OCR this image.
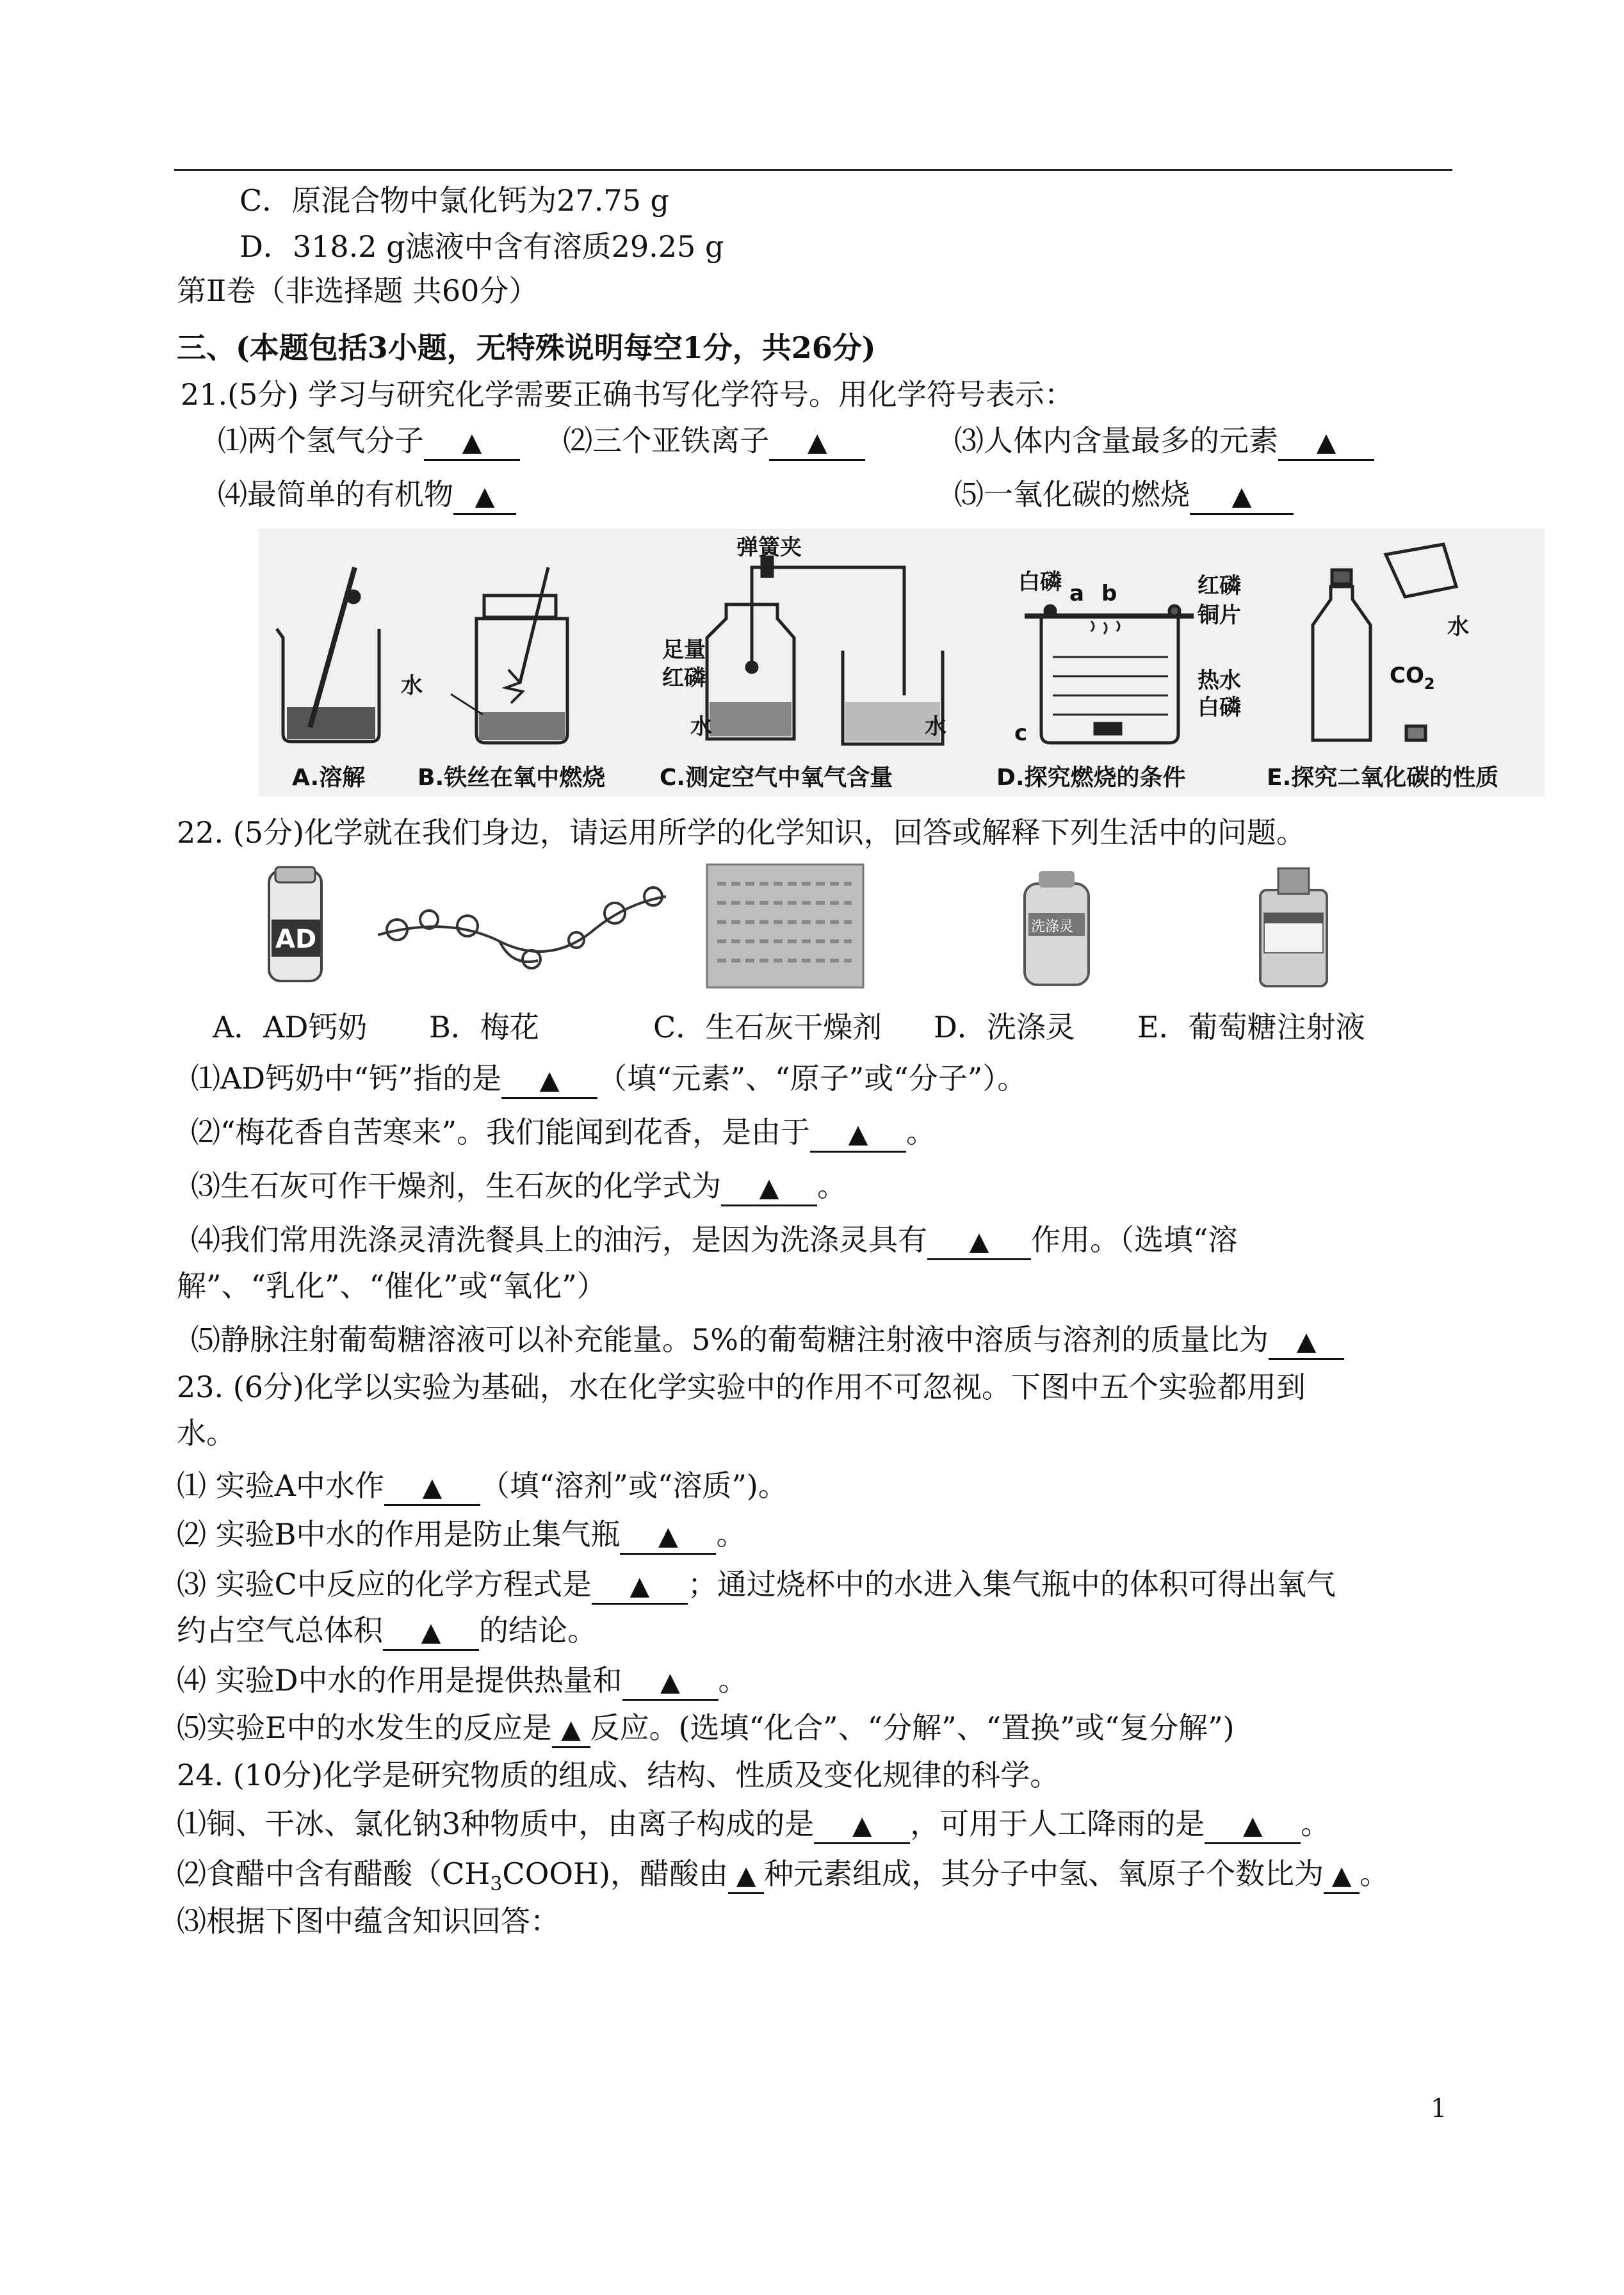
C．原混合物中氯化钙为27.75 g
D．318.2 g滤液中含有溶质29.25 g
第Ⅱ卷（非选择题 共60分）
三、(本题包括3小题，无特殊说明每空1分，共26分)
21.(5分) 学习与研究化学需要正确书写化学符号。用化学符号表示：
⑴两个氢气分子 ▲	⑵三个亚铁离子 ▲	⑶人体内含量最多的元素 ▲
⑷最简单的有机物 ▲	⑸一氧化碳的燃烧 ▲
水
弹簧夹
足量
红磷
水	水
白磷 a b	红磷
铜片
热水
白磷
c
水
$CO_2$
A.溶解 B.铁丝在氧中燃烧 C.测定空气中氧气含量	D.探究燃烧的条件	E.探究二氧化碳的性质
22. (5分)化学就在我们身边，请运用所学的化学知识，回答或解释下列生活中的问题。
AD	洗涤灵
A．AD钙奶 B．梅花	C．生石灰干燥剂 D．洗涤灵 E．葡萄糖注射液
⑴AD钙奶中“钙”指的是 ▲ （填“元素”、“原子”或“分子”）。
⑵“梅花香自苦寒来”。我们能闻到花香，是由于 ▲ 。
⑶生石灰可作干燥剂，生石灰的化学式为 ▲ 。
⑷我们常用洗涤灵清洗餐具上的油污，是因为洗涤灵具有 ▲ 作用。（选填“溶
解”、“乳化”、“催化”或“氧化”）
⑸静脉注射葡萄糖溶液可以补充能量。5%的葡萄糖注射液中溶质与溶剂的质量比为 ▲
23. (6分)化学以实验为基础，水在化学实验中的作用不可忽视。下图中五个实验都用到
水。
⑴ 实验A中水作 ▲ （填“溶剂”或“溶质”)。
⑵ 实验B中水的作用是防止集气瓶 ▲ 。
⑶ 实验C中反应的化学方程式是 ▲ ；通过烧杯中的水进入集气瓶中的体积可得出氧气
约占空气总体积 ▲ 的结论。
⑷ 实验D中水的作用是提供热量和 ▲ 。
⑸实验E中的水发生的反应是 ▲ 反应。(选填“化合”、“分解”、“置换”或“复分解”)
24. (10分)化学是研究物质的组成、结构、性质及变化规律的科学。
⑴铜、干冰、氯化钠3种物质中，由离子构成的是 ▲ ，可用于人工降雨的是 ▲ 。
⑵食醋中含有醋酸$(CH_3COOH)$，醋酸由 ▲ 种元素组成，其分子中氢、氧原子个数比为 ▲ 。
⑶根据下图中蕴含知识回答：
1
